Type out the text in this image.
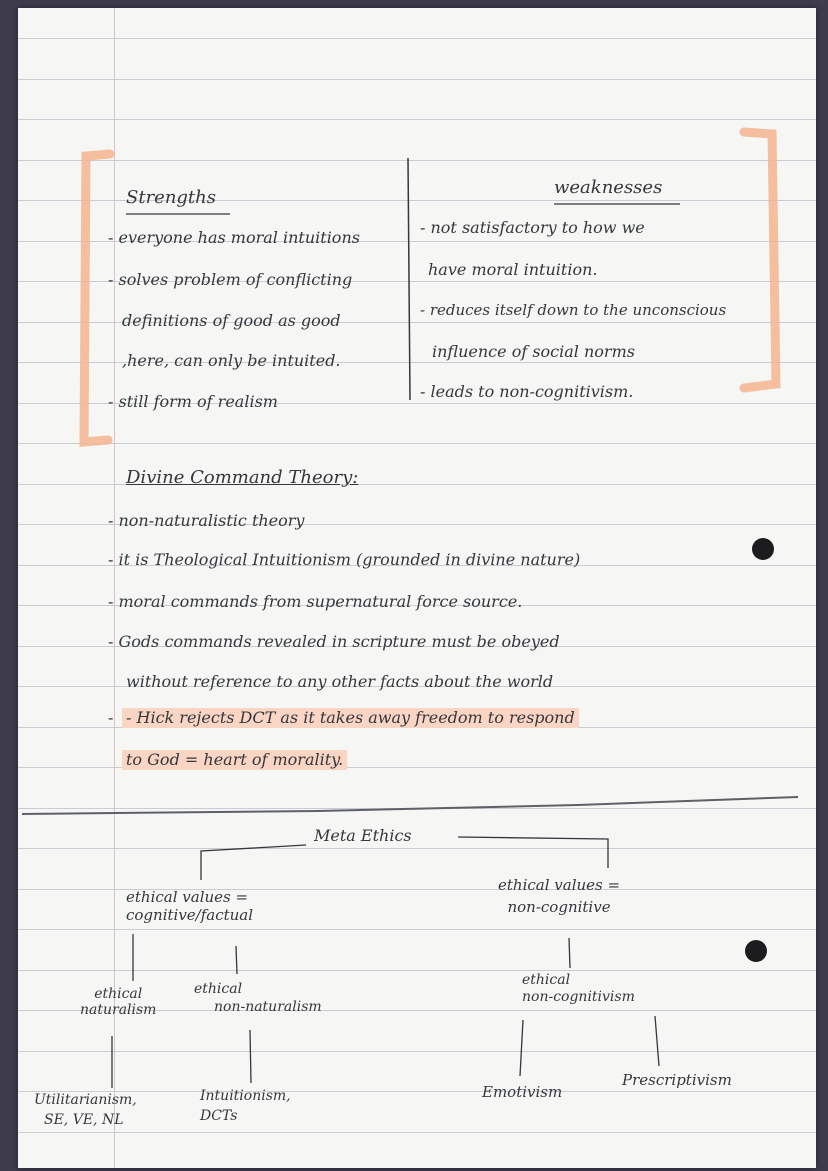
Strengths
- everyone has moral intuitions
- solves problem of conflicting
definitions of good as good
,here, can only be intuited.
- still form of realism
weaknesses
- not satisfactory to how we
have moral intuition.
- reduces itself down to the unconscious
influence of social norms
- leads to non-cognitivism.
Divine Command Theory:
- non-naturalistic theory
- it is Theological Intuitionism (grounded in divine nature)
- moral commands from supernatural force source.
- Gods commands revealed in scripture must be obeyed
without reference to any other facts about the world
- - Hick rejects DCT as it takes away freedom to respond
to God = heart of morality.
Meta Ethics
ethical values =
cognitive/factual
ethical values =
non-cognitive
ethical
naturalism
ethical
non-naturalism
ethical
non-cognitivism
Utilitarianism,
SE, VE, NL
Intuitionism,
DCTs
Emotivism
Prescriptivism
